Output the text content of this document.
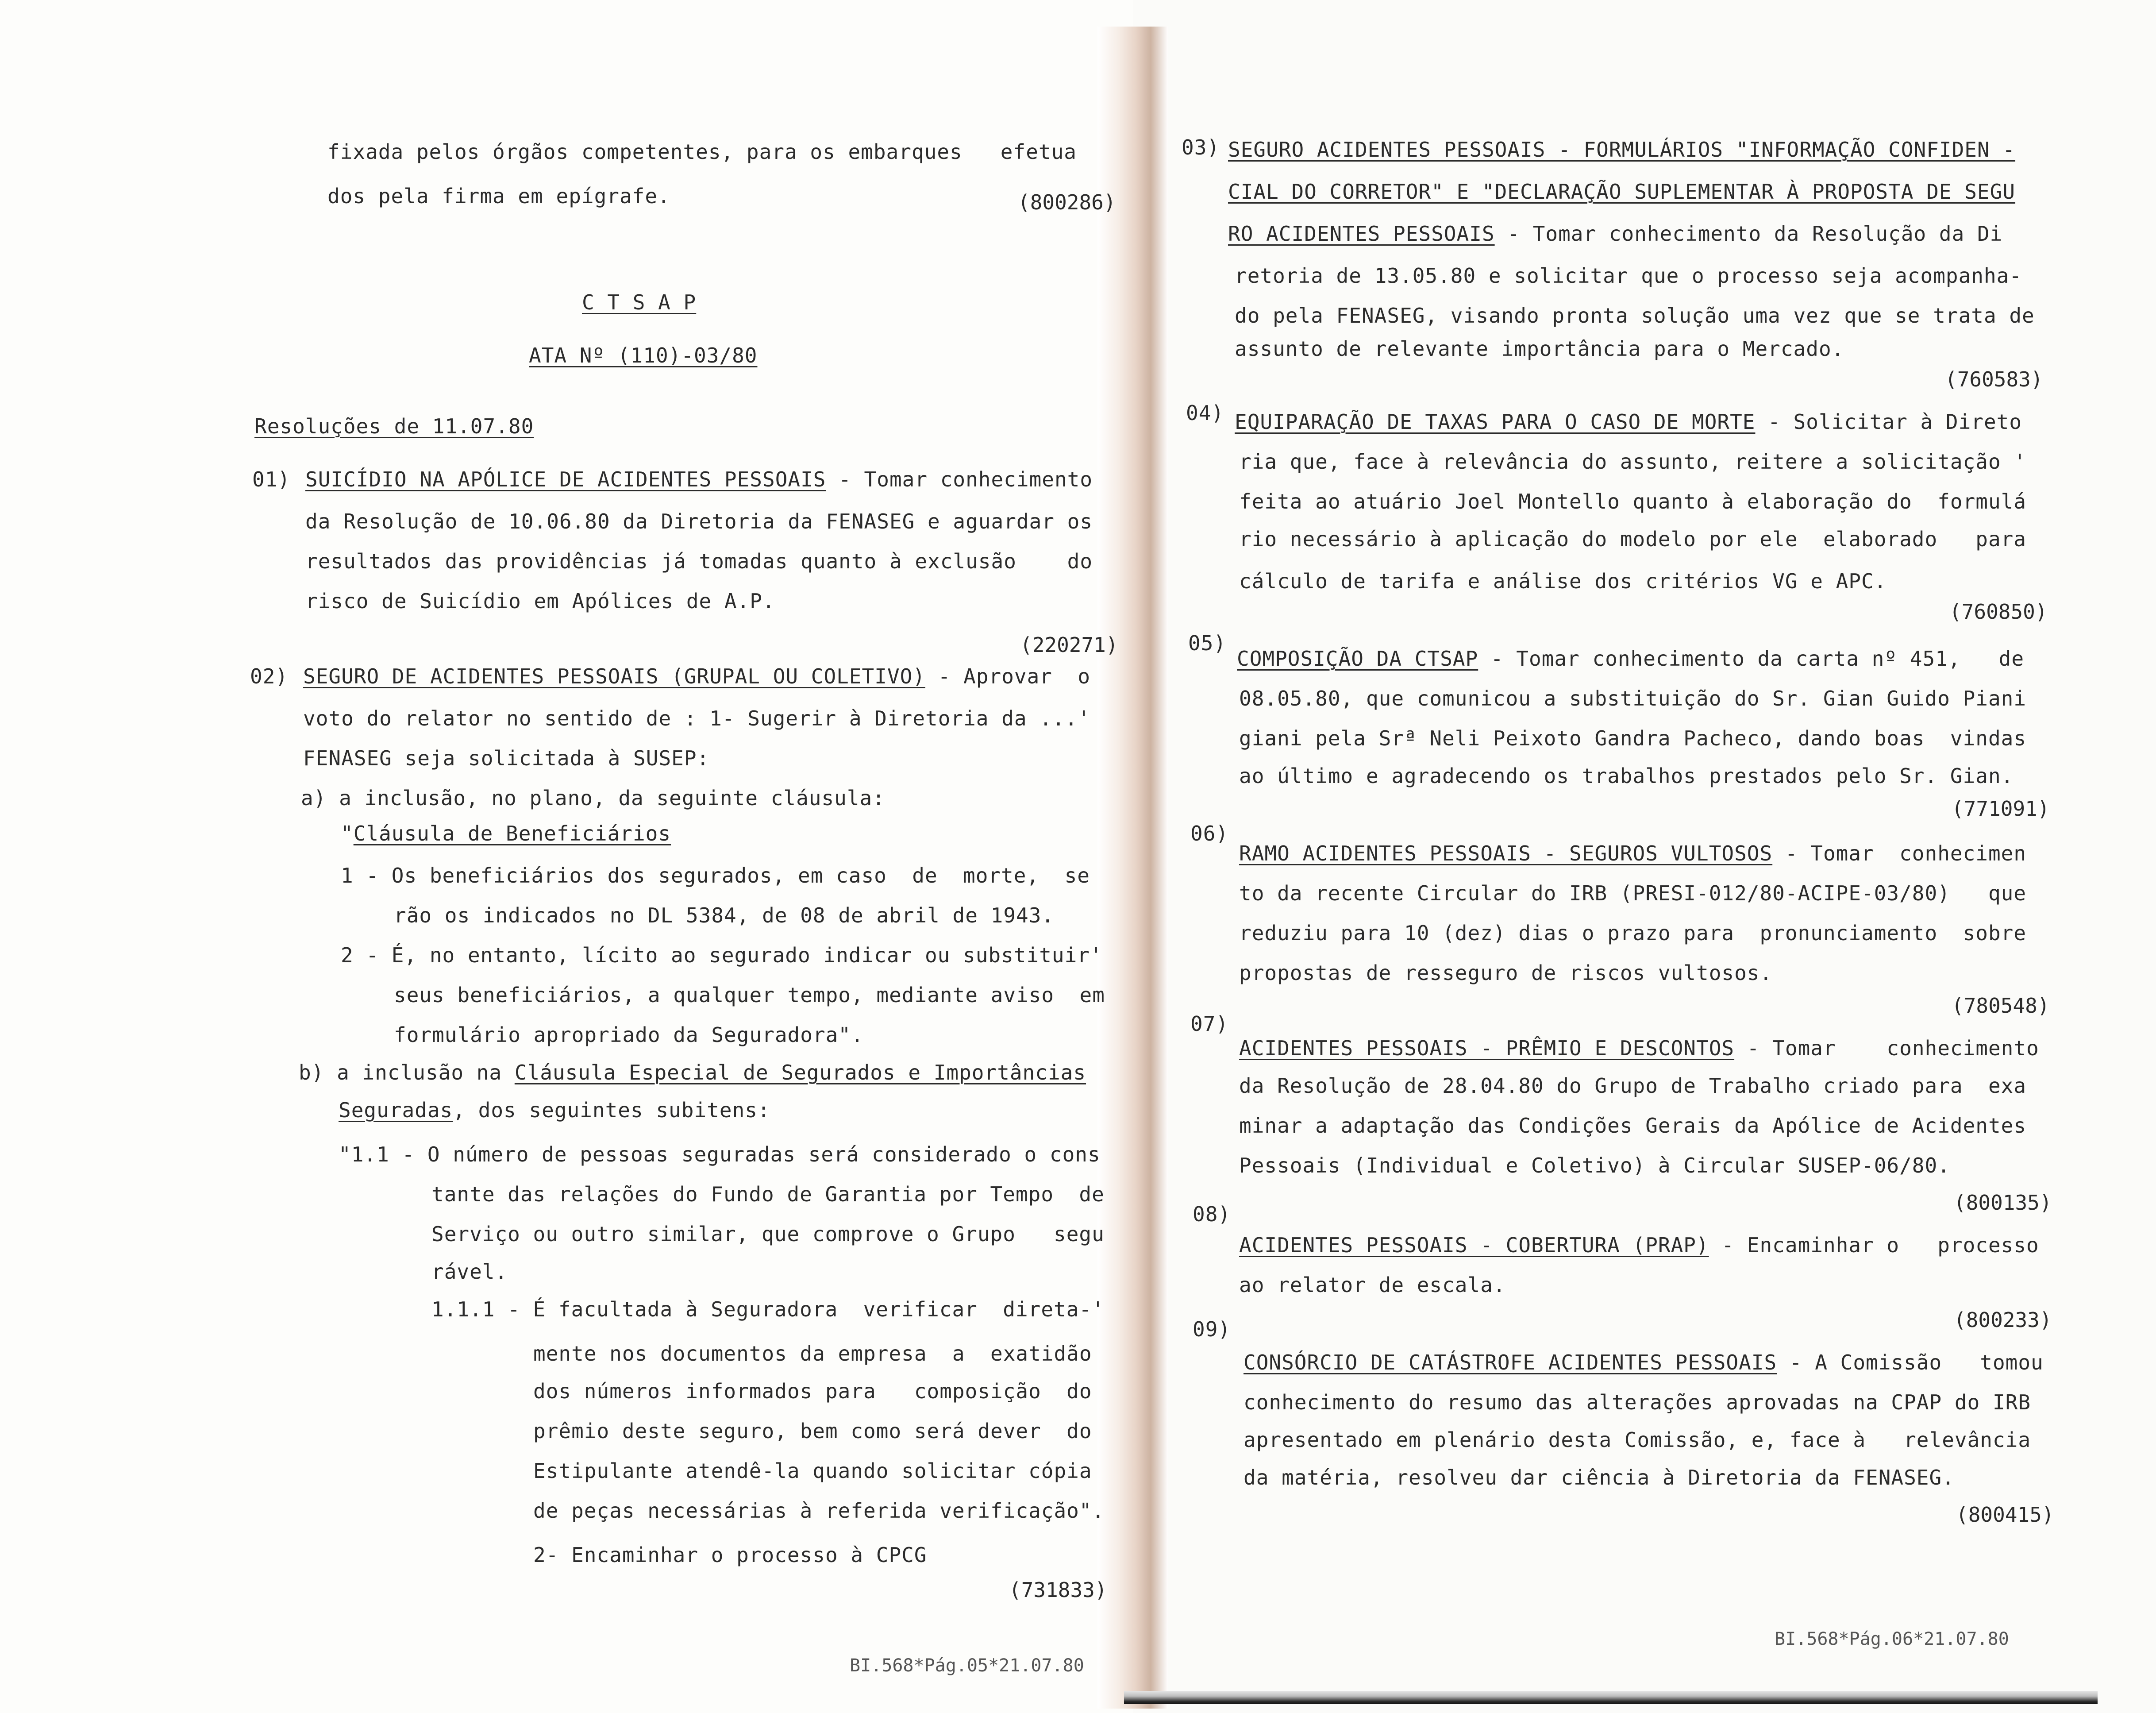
fixada pelos órgãos competentes, para os embarques   efetua
dos pela firma em epígrafe.	(800286)
C T S A P
ATA Nº (110)-03/80
Resoluções de 11.07.80
01) SUICÍDIO NA APÓLICE DE ACIDENTES PESSOAIS - Tomar conhecimento
da Resolução de 10.06.80 da Diretoria da FENASEG e aguardar os
resultados das providências já tomadas quanto à exclusão    do
risco de Suicídio em Apólices de A.P.
(220271)
02) SEGURO DE ACIDENTES PESSOAIS (GRUPAL OU COLETIVO) - Aprovar  o
voto do relator no sentido de : 1- Sugerir à Diretoria da ...'
FENASEG seja solicitada à SUSEP:
a) a inclusão, no plano, da seguinte cláusula:
"Cláusula de Beneficiários
1 - Os beneficiários dos segurados, em caso  de  morte,  se
rão os indicados no DL 5384, de 08 de abril de 1943.
2 - É, no entanto, lícito ao segurado indicar ou substituir'
seus beneficiários, a qualquer tempo, mediante aviso  em
formulário apropriado da Seguradora".
b) a inclusão na Cláusula Especial de Segurados e Importâncias
Seguradas, dos seguintes subitens:
"1.1 - O número de pessoas seguradas será considerado o cons
tante das relações do Fundo de Garantia por Tempo  de
Serviço ou outro similar, que comprove o Grupo   segu
rável.
1.1.1 - É facultada à Seguradora  verificar  direta-'
mente nos documentos da empresa  a  exatidão
dos números informados para   composição  do
prêmio deste seguro, bem como será dever  do
Estipulante atendê-la quando solicitar cópia
de peças necessárias à referida verificação".
2- Encaminhar o processo à CPCG
(731833)
BI.568*Pág.05*21.07.80
03) SEGURO ACIDENTES PESSOAIS - FORMULÁRIOS "INFORMAÇÃO CONFIDEN -
CIAL DO CORRETOR" E "DECLARAÇÃO SUPLEMENTAR À PROPOSTA DE SEGU
RO ACIDENTES PESSOAIS - Tomar conhecimento da Resolução da Di
retoria de 13.05.80 e solicitar que o processo seja acompanha-
do pela FENASEG, visando pronta solução uma vez que se trata de
assunto de relevante importância para o Mercado.
(760583)
04) EQUIPARAÇÃO DE TAXAS PARA O CASO DE MORTE - Solicitar à Direto
ria que, face à relevância do assunto, reitere a solicitação '
feita ao atuário Joel Montello quanto à elaboração do  formulá
rio necessário à aplicação do modelo por ele  elaborado   para
cálculo de tarifa e análise dos critérios VG e APC.
(760850)
05)
COMPOSIÇÃO DA CTSAP - Tomar conhecimento da carta nº 451,   de
08.05.80, que comunicou a substituição do Sr. Gian Guido Piani
giani pela Srª Neli Peixoto Gandra Pacheco, dando boas  vindas
ao último e agradecendo os trabalhos prestados pelo Sr. Gian.
(771091)
06)
RAMO ACIDENTES PESSOAIS - SEGUROS VULTOSOS - Tomar  conhecimen
to da recente Circular do IRB (PRESI-012/80-ACIPE-03/80)   que
reduziu para 10 (dez) dias o prazo para  pronunciamento  sobre
propostas de resseguro de riscos vultosos.
(780548)
07)
ACIDENTES PESSOAIS - PRÊMIO E DESCONTOS - Tomar    conhecimento
da Resolução de 28.04.80 do Grupo de Trabalho criado para  exa
minar a adaptação das Condições Gerais da Apólice de Acidentes
Pessoais (Individual e Coletivo) à Circular SUSEP-06/80.
(800135)
08)
ACIDENTES PESSOAIS - COBERTURA (PRAP) - Encaminhar o   processo
ao relator de escala.
(800233)
09)
CONSÓRCIO DE CATÁSTROFE ACIDENTES PESSOAIS - A Comissão   tomou
conhecimento do resumo das alterações aprovadas na CPAP do IRB
apresentado em plenário desta Comissão, e, face à   relevância
da matéria, resolveu dar ciência à Diretoria da FENASEG.
(800415)
BI.568*Pág.06*21.07.80
